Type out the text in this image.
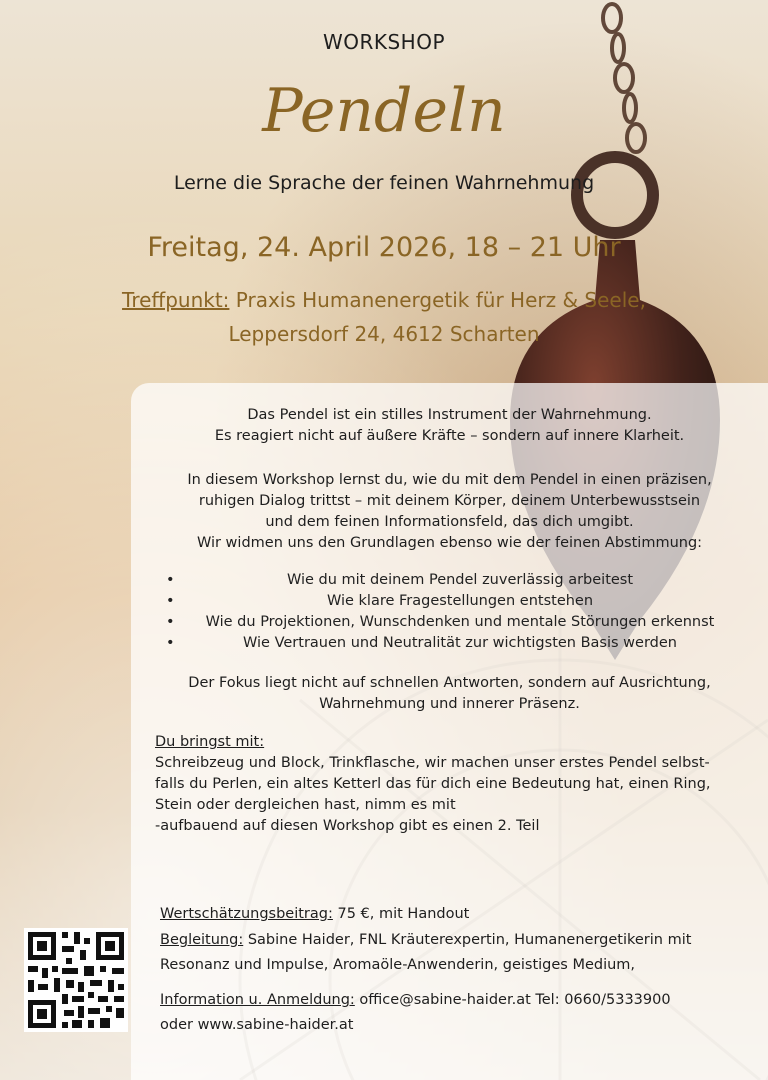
WORKSHOP
Pendeln
Lerne die Sprache der feinen Wahrnehmung
Freitag, 24. April 2026, 18 – 21 Uhr
Treffpunkt: Praxis Humanenergetik für Herz & Seele,
Leppersdorf 24, 4612 Scharten
Das Pendel ist ein stilles Instrument der Wahrnehmung.
Es reagiert nicht auf äußere Kräfte – sondern auf innere Klarheit.
In diesem Workshop lernst du, wie du mit dem Pendel in einen präzisen,
ruhigen Dialog trittst – mit deinem Körper, deinem Unterbewusstsein
und dem feinen Informationsfeld, das dich umgibt.
Wir widmen uns den Grundlagen ebenso wie der feinen Abstimmung:
• Wie du mit deinem Pendel zuverlässig arbeitest
• Wie klare Fragestellungen entstehen
• Wie du Projektionen, Wunschdenken und mentale Störungen erkennst
• Wie Vertrauen und Neutralität zur wichtigsten Basis werden
Der Fokus liegt nicht auf schnellen Antworten, sondern auf Ausrichtung,
Wahrnehmung und innerer Präsenz.
Du bringst mit:
Schreibzeug und Block, Trinkflasche, wir machen unser erstes Pendel selbst-
falls du Perlen, ein altes Ketterl das für dich eine Bedeutung hat, einen Ring,
Stein oder dergleichen hast, nimm es mit
-aufbauend auf diesen Workshop gibt es einen 2. Teil
Wertschätzungsbeitrag: 75 €, mit Handout
Begleitung: Sabine Haider, FNL Kräuterexpertin, Humanenergetikerin mit
Resonanz und Impulse, Aromaöle-Anwenderin, geistiges Medium,
Information u. Anmeldung: office@sabine-haider.at Tel: 0660/5333900
oder www.sabine-haider.at
